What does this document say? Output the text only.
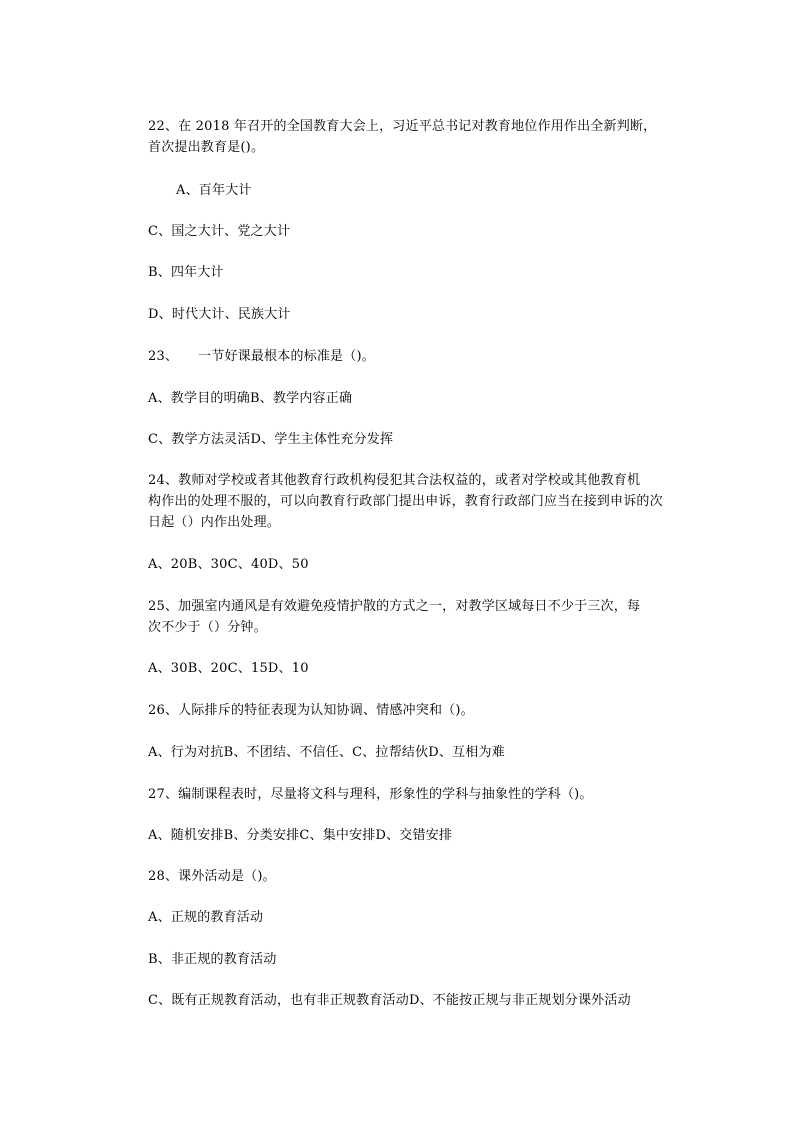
22、在 2018 年召开的全国教育大会上，习近平总书记对教育地位作用作出全新判断，
首次提出教育是()。
A、百年大计
C、国之大计、党之大计
B、四年大计
D、时代大计、民族大计
23、　　一节好课最根本的标准是（)。
A、教学目的明确B、教学内容正确
C、教学方法灵活D、学生主体性充分发挥
24、教师对学校或者其他教育行政机构侵犯其合法权益的，或者对学校或其他教育机
构作出的处理不服的，可以向教育行政部门提出申诉，教育行政部门应当在接到申诉的次
日起（）内作出处理。
A、20B、30C、40D、50
25、加强室内通风是有效避免疫情护散的方式之一，对教学区域每日不少于三次，每
次不少于（）分钟。
A、30B、20C、15D、10
26、人际排斥的特征表现为认知协调、情感冲突和（)。
A、行为对抗B、不团结、不信任、C、拉帮结伙D、互相为难
27、编制课程表时，尽量将文科与理科，形象性的学科与抽象性的学科（)。
A、随机安排B、分类安排C、集中安排D、交错安排
28、课外活动是（)。
A、正规的教育活动
B、非正规的教育活动
C、既有正规教育活动，也有非正规教育活动D、不能按正规与非正规划分课外活动
